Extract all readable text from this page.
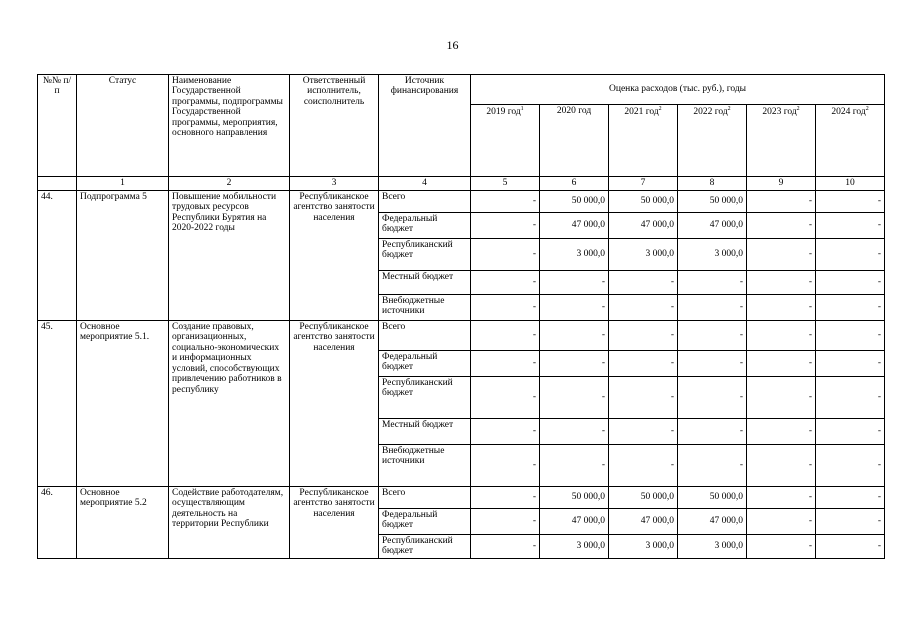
16
№№ п/п	Статус	Наименование Государственной программы, подпрограммы Государственной программы, мероприятия, основного направления	Ответственный исполнитель, соисполнитель	Источник финансирования	Оценка расходов (тыс. руб.), годы					
					2019 год$^1$	2020 год	2021 год$^2$	2022 год$^2$	2023 год$^2$	2024 год$^2$
	1	2	3	4	5	6	7	8	9	10
44.	Подпрограмма 5	Повышение мобильности трудовых ресурсов Республики Бурятия на 2020-2022 годы	Республиканское агентство занятости населения	Всего	-	50 000,0	50 000,0	50 000,0	-	-
				Федеральный бюджет	-	47 000,0	47 000,0	47 000,0	-	-
				Республиканский бюджет	-	3 000,0	3 000,0	3 000,0	-	-
				Местный бюджет	-	-	-	-	-	-
				Внебюджетные источники	-	-	-	-	-	-
45.	Основное мероприятие 5.1.	Создание правовых, организационных, социально-экономических и информационных условий, способствующих привлечению работников в республику	Республиканское агентство занятости населения	Всего	-	-	-	-	-	-
				Федеральный бюджет	-	-	-	-	-	-
				Республиканский бюджет	-	-	-	-	-	-
				Местный бюджет	-	-	-	-	-	-
				Внебюджетные источники	-	-	-	-	-	-
46.	Основное мероприятие 5.2	Содействие работодателям, осуществляющим деятельность на территории Республики	Республиканское агентство занятости населения	Всего	-	50 000,0	50 000,0	50 000,0	-	-
				Федеральный бюджет	-	47 000,0	47 000,0	47 000,0	-	-
				Республиканский бюджет	-	3 000,0	3 000,0	3 000,0	-	-
